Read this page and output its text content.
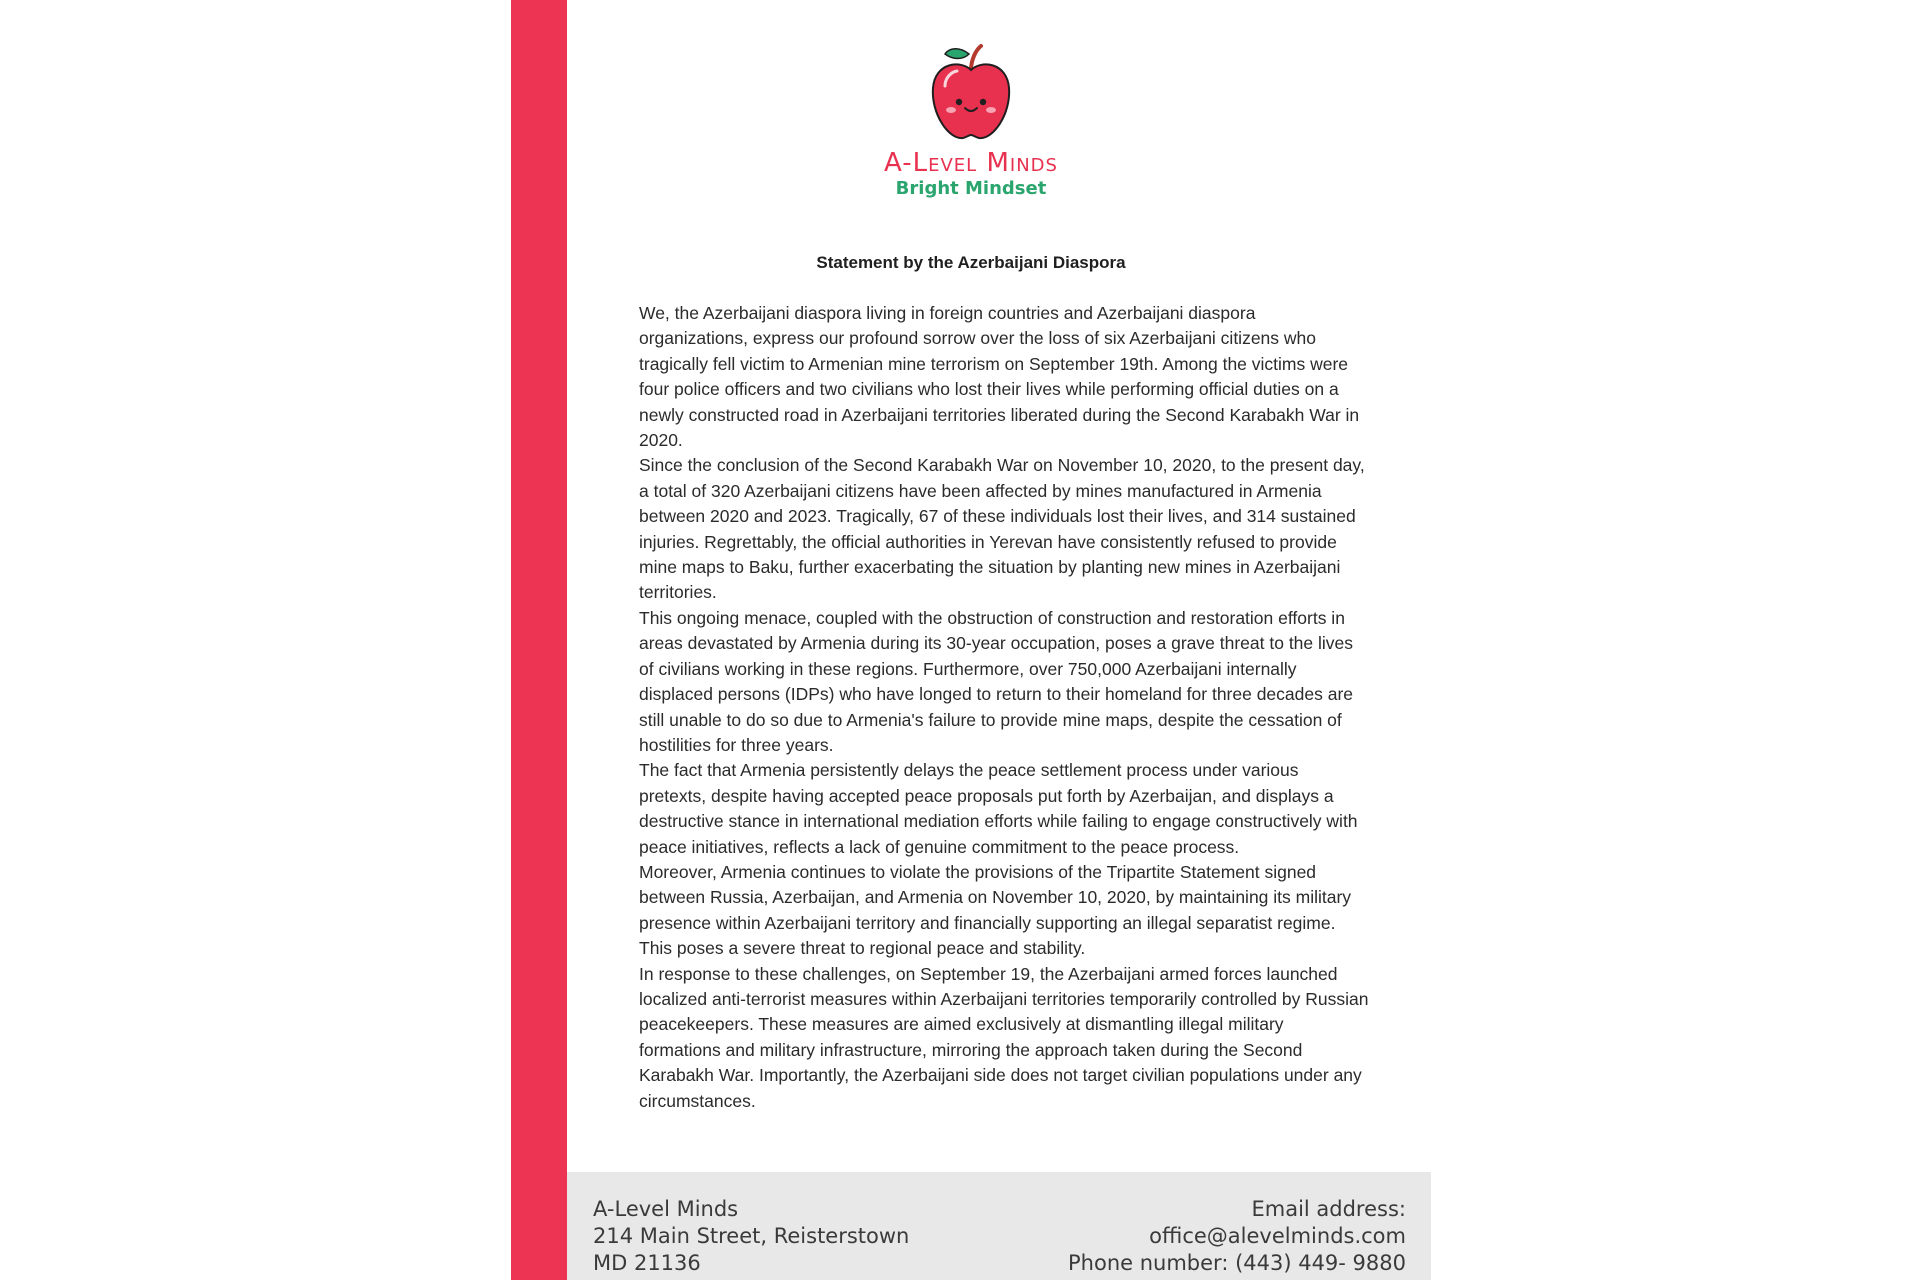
A-Level Minds
Bright Mindset
Statement by the Azerbaijani Diaspora

We, the Azerbaijani diaspora living in foreign countries and Azerbaijani diaspora organizations, express our profound sorrow over the loss of six Azerbaijani citizens who tragically fell victim to Armenian mine terrorism on September 19th. Among the victims were four police officers and two civilians who lost their lives while performing official duties on a newly constructed road in Azerbaijani territories liberated during the Second Karabakh War in 2020.

Since the conclusion of the Second Karabakh War on November 10, 2020, to the present day, a total of 320 Azerbaijani citizens have been affected by mines manufactured in Armenia between 2020 and 2023. Tragically, 67 of these individuals lost their lives, and 314 sustained injuries. Regrettably, the official authorities in Yerevan have consistently refused to provide mine maps to Baku, further exacerbating the situation by planting new mines in Azerbaijani territories.

This ongoing menace, coupled with the obstruction of construction and restoration efforts in areas devastated by Armenia during its 30-year occupation, poses a grave threat to the lives of civilians working in these regions. Furthermore, over 750,000 Azerbaijani internally displaced persons (IDPs) who have longed to return to their homeland for three decades are still unable to do so due to Armenia's failure to provide mine maps, despite the cessation of hostilities for three years.

The fact that Armenia persistently delays the peace settlement process under various pretexts, despite having accepted peace proposals put forth by Azerbaijan, and displays a destructive stance in international mediation efforts while failing to engage constructively with peace initiatives, reflects a lack of genuine commitment to the peace process.

Moreover, Armenia continues to violate the provisions of the Tripartite Statement signed between Russia, Azerbaijan, and Armenia on November 10, 2020, by maintaining its military presence within Azerbaijani territory and financially supporting an illegal separatist regime. This poses a severe threat to regional peace and stability.

In response to these challenges, on September 19, the Azerbaijani armed forces launched localized anti-terrorist measures within Azerbaijani territories temporarily controlled by Russian peacekeepers. These measures are aimed exclusively at dismantling illegal military formations and military infrastructure, mirroring the approach taken during the Second Karabakh War. Importantly, the Azerbaijani side does not target civilian populations under any circumstances.

A-Level Minds
214 Main Street, Reisterstown
MD 21136
Email address:
office@alevelminds.com
Phone number: (443) 449- 9880
